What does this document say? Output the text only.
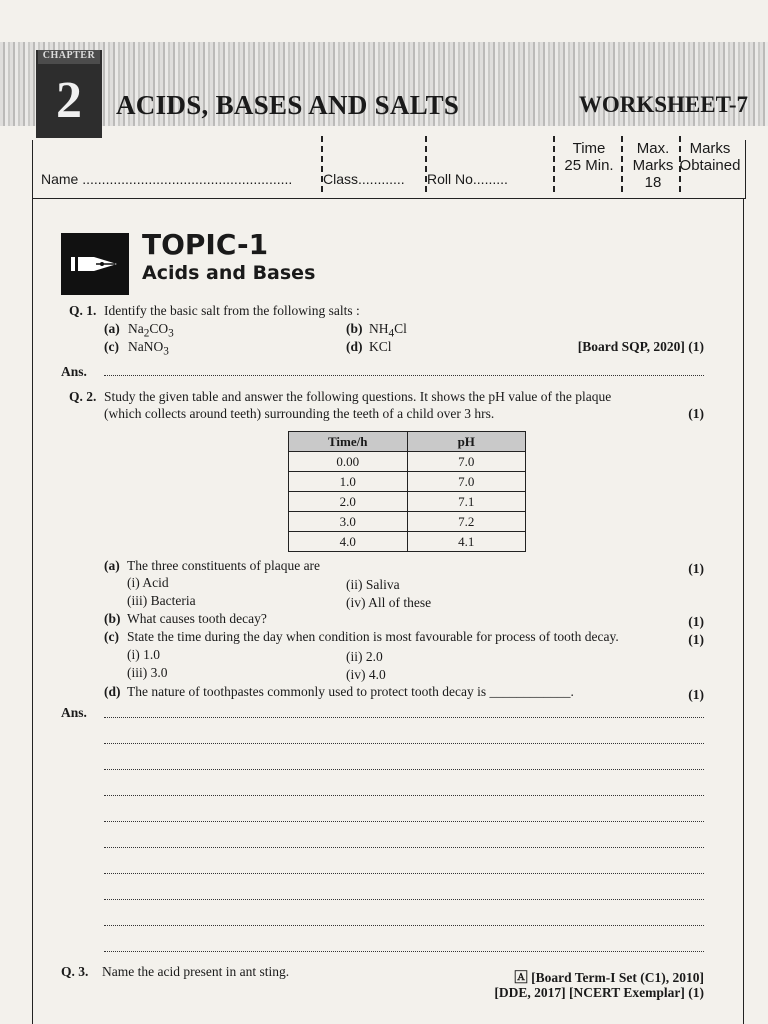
CHAPTER
2	ACIDS, BASES AND SALTS	WORKSHEET-7
Name ...................................................... Class............ Roll No.........
Time
25 Min.
Max.
Marks
18
Marks
Obtained
TOPIC-1
Acids and Bases
Q. 1. Identify the basic salt from the following salts :
(a) $Na_2CO_3$	(b) $NH_4Cl$
(c) NaNO$_3$	(d) KCl	[Board SQP, 2020] (1)
Ans.
Q. 2. Study the given table and answer the following questions. It shows the pH value of the plaque
(which collects around teeth) surrounding the teeth of a child over 3 hrs.	(1)
Time/h	pH
0.00	7.0
1.0	7.0
2.0	7.1
3.0	7.2
4.0	4.1
(a) The three constituents of plaque are	(1)
(i) Acid	(ii) Saliva
(iii) Bacteria	(iv) All of these
(b) What causes tooth decay?	(1)
(c) State the time during the day when condition is most favourable for process of tooth decay.	(1)
(i) 1.0	(ii) 2.0
(iii) 3.0	(iv) 4.0
(d) The nature of toothpastes commonly used to protect tooth decay is ____________.	(1)
Ans.
Q. 3. Name the acid present in ant sting.	🄰 [Board Term-I Set (C1), 2010]
[DDE, 2017] [NCERT Exemplar] (1)
